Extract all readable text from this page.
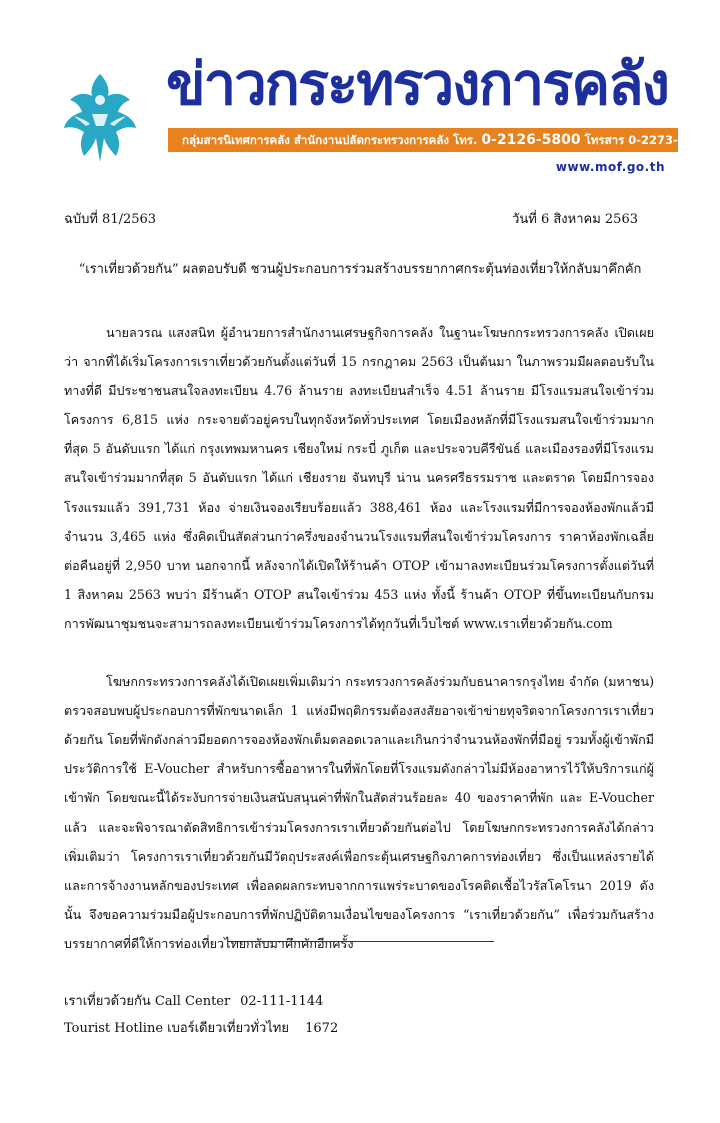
ข่าวกระทรวงการคลัง
กลุ่มสารนิเทศการคลัง สำนักงานปลัดกระทรวงการคลัง โทร. 0-2126-5800 โทรสาร 0-2273-9763
www.mof.go.th
ฉบับที่ 81/2563	วันที่ 6 สิงหาคม 2563
“เราเที่ยวด้วยกัน” ผลตอบรับดี ชวนผู้ประกอบการร่วมสร้างบรรยากาศกระตุ้นท่องเที่ยวให้กลับมาคึกคัก

นายลวรณ แสงสนิท ผู้อำนวยการสำนักงานเศรษฐกิจการคลัง ในฐานะโฆษกกระทรวงการคลัง เปิดเผยว่า จากที่ได้เริ่มโครงการเราเที่ยวด้วยกันตั้งแต่วันที่ 15 กรกฎาคม 2563 เป็นต้นมา ในภาพรวมมีผลตอบรับในทางที่ดี มีประชาชนสนใจลงทะเบียน 4.76 ล้านราย ลงทะเบียนสำเร็จ 4.51 ล้านราย มีโรงแรมสนใจเข้าร่วมโครงการ 6,815 แห่ง กระจายตัวอยู่ครบในทุกจังหวัดทั่วประเทศ โดยเมืองหลักที่มีโรงแรมสนใจเข้าร่วมมากที่สุด 5 อันดับแรก ได้แก่ กรุงเทพมหานคร เชียงใหม่ กระบี่ ภูเก็ต และประจวบคีรีขันธ์ และเมืองรองที่มีโรงแรมสนใจเข้าร่วมมากที่สุด 5 อันดับแรก ได้แก่ เชียงราย จันทบุรี น่าน นครศรีธรรมราช และตราด โดยมีการจองโรงแรมแล้ว 391,731 ห้อง จ่ายเงินจองเรียบร้อยแล้ว 388,461 ห้อง และโรงแรมที่มีการจองห้องพักแล้วมีจำนวน 3,465 แห่ง ซึ่งคิดเป็นสัดส่วนกว่าครึ่งของจำนวนโรงแรมที่สนใจเข้าร่วมโครงการ ราคาห้องพักเฉลี่ยต่อคืนอยู่ที่ 2,950 บาท นอกจากนี้ หลังจากได้เปิดให้ร้านค้า OTOP เข้ามาลงทะเบียนร่วมโครงการตั้งแต่วันที่ 1 สิงหาคม 2563 พบว่า มีร้านค้า OTOP สนใจเข้าร่วม 453 แห่ง ทั้งนี้ ร้านค้า OTOP ที่ขึ้นทะเบียนกับกรมการพัฒนาชุมชนจะสามารถลงทะเบียนเข้าร่วมโครงการได้ทุกวันที่เว็บไซต์ www.เราเที่ยวด้วยกัน.com

โฆษกกระทรวงการคลังได้เปิดเผยเพิ่มเติมว่า กระทรวงการคลังร่วมกับธนาคารกรุงไทย จำกัด (มหาชน) ตรวจสอบพบผู้ประกอบการที่พักขนาดเล็ก 1 แห่งมีพฤติกรรมต้องสงสัยอาจเข้าข่ายทุจริตจากโครงการเราเที่ยวด้วยกัน โดยที่พักดังกล่าวมียอดการจองห้องพักเต็มตลอดเวลาและเกินกว่าจำนวนห้องพักที่มีอยู่ รวมทั้งผู้เข้าพักมีประวัติการใช้ E-Voucher สำหรับการซื้ออาหารในที่พักโดยที่โรงแรมดังกล่าวไม่มีห้องอาหารไว้ให้บริการแก่ผู้เข้าพัก โดยขณะนี้ได้ระงับการจ่ายเงินสนับสนุนค่าที่พักในสัดส่วนร้อยละ 40 ของราคาที่พัก และ E-Voucher แล้ว และจะพิจารณาตัดสิทธิการเข้าร่วมโครงการเราเที่ยวด้วยกันต่อไป โดยโฆษกกระทรวงการคลังได้กล่าวเพิ่มเติมว่า โครงการเราเที่ยวด้วยกันมีวัตถุประสงค์เพื่อกระตุ้นเศรษฐกิจภาคการท่องเที่ยว ซึ่งเป็นแหล่งรายได้และการจ้างงานหลักของประเทศ เพื่อลดผลกระทบจากการแพร่ระบาดของโรคติดเชื้อไวรัสโคโรนา 2019 ดังนั้น จึงขอความร่วมมือผู้ประกอบการที่พักปฏิบัติตามเงื่อนไขของโครงการ “เราเที่ยวด้วยกัน” เพื่อร่วมกันสร้างบรรยากาศที่ดีให้การท่องเที่ยวไทยกลับมาคึกคักอีกครั้ง

เราเที่ยวด้วยกัน Call Center 02-111-1144
Tourist Hotline เบอร์เดียวเที่ยวทั่วไทย 1672
